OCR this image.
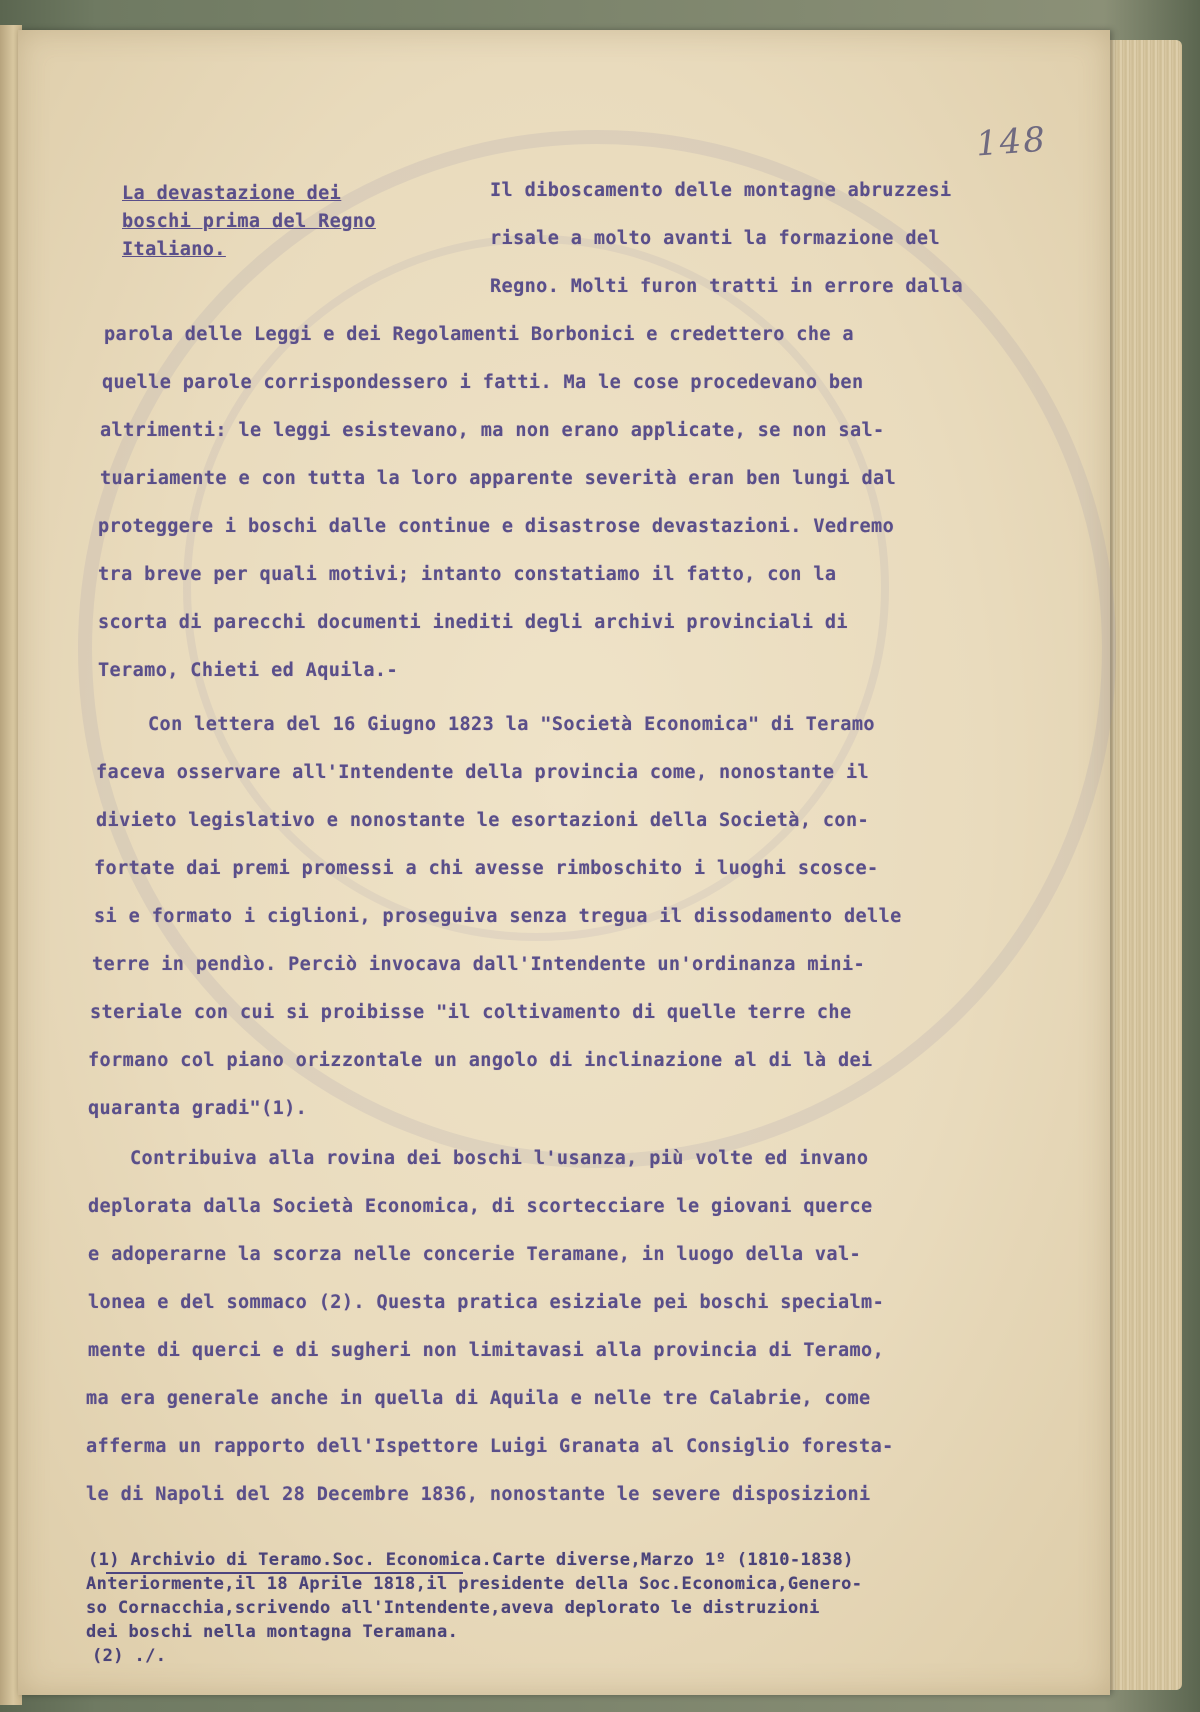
148
La devastazione dei boschi prima del Regno Italiano.
Il diboscamento delle montagne abruzzesi
risale a molto avanti la formazione del
Regno. Molti furon tratti in errore dalla
parola delle Leggi e dei Regolamenti Borbonici e credettero che a
quelle parole corrispondessero i fatti. Ma le cose procedevano ben
altrimenti: le leggi esistevano, ma non erano applicate, se non sal-
tuariamente e con tutta la loro apparente severità eran ben lungi dal
proteggere i boschi dalle continue e disastrose devastazioni. Vedremo
tra breve per quali motivi; intanto constatiamo il fatto, con la
scorta di parecchi documenti inediti degli archivi provinciali di
Teramo, Chieti ed Aquila.-
Con lettera del 16 Giugno 1823 la "Società Economica" di Teramo
faceva osservare all'Intendente della provincia come, nonostante il
divieto legislativo e nonostante le esortazioni della Società, con-
fortate dai premi promessi a chi avesse rimboschito i luoghi scosce-
si e formato i ciglioni, proseguiva senza tregua il dissodamento delle
terre in pendìo. Perciò invocava dall'Intendente un'ordinanza mini-
steriale con cui si proibisse "il coltivamento di quelle terre che
formano col piano orizzontale un angolo di inclinazione al di là dei
quaranta gradi"(1).
Contribuiva alla rovina dei boschi l'usanza, più volte ed invano
deplorata dalla Società Economica, di scortecciare le giovani querce
e adoperarne la scorza nelle concerie Teramane, in luogo della val-
lonea e del sommaco (2). Questa pratica esiziale pei boschi specialm-
mente di querci e di sugheri non limitavasi alla provincia di Teramo,
ma era generale anche in quella di Aquila e nelle tre Calabrie, come
afferma un rapporto dell'Ispettore Luigi Granata al Consiglio foresta-
le di Napoli del 28 Decembre 1836, nonostante le severe disposizioni
(1) Archivio di Teramo.Soc. Economica.Carte diverse,Marzo 1º (1810-1838)
Anteriormente,il 18 Aprile 1818,il presidente della Soc.Economica,Genero-
so Cornacchia,scrivendo all'Intendente,aveva deplorato le distruzioni
dei boschi nella montagna Teramana.
(2) ./.
